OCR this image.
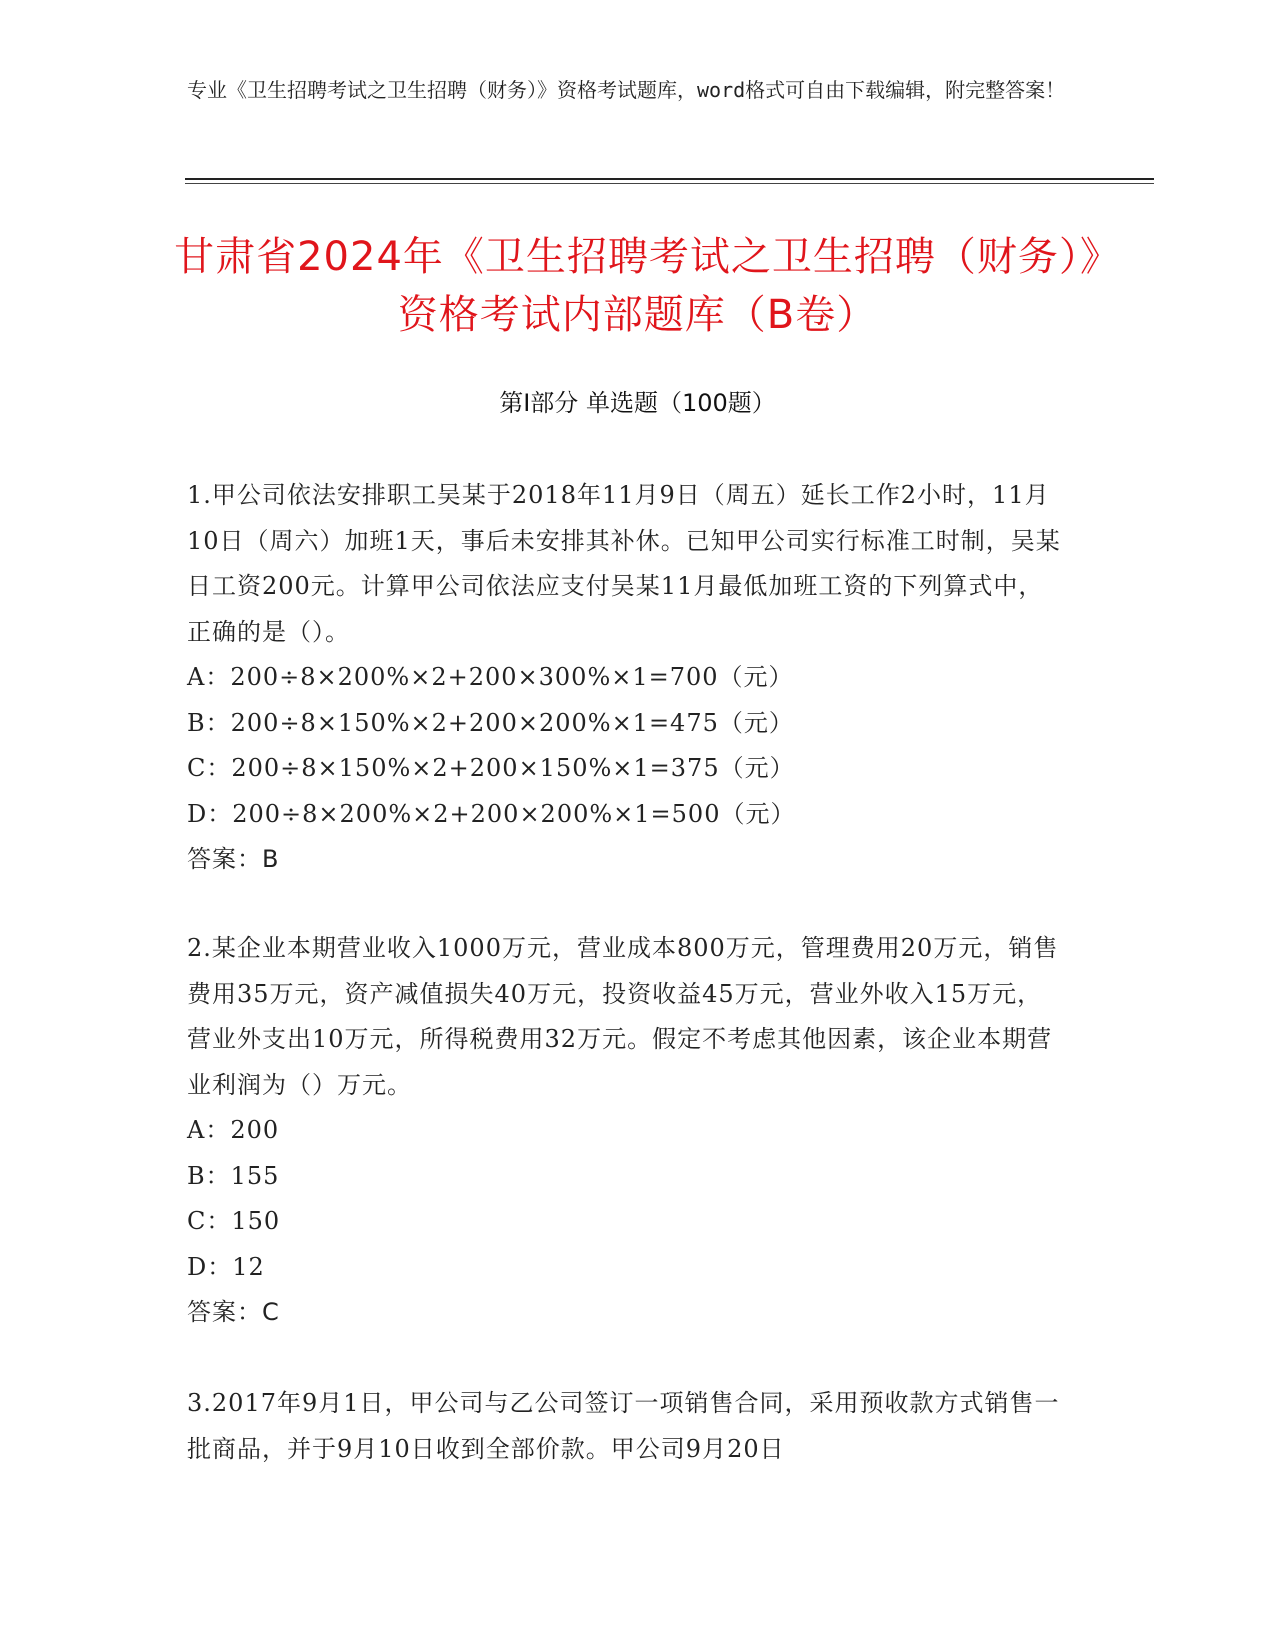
专业《卫生招聘考试之卫生招聘（财务）》资格考试题库，word格式可自由下载编辑，附完整答案！
甘肃省2024年《卫生招聘考试之卫生招聘（财务）》资格考试内部题库（B卷）
第Ⅰ部分 单选题（100题）
1.甲公司依法安排职工吴某于2018年11月9日（周五）延长工作2小时，11月10日（周六）加班1天，事后未安排其补休。已知甲公司实行标准工时制，吴某日工资200元。计算甲公司依法应支付吴某11月最低加班工资的下列算式中，正确的是（）。
A：200÷8×200%×2+200×300%×1=700（元）
B：200÷8×150%×2+200×200%×1=475（元）
C：200÷8×150%×2+200×150%×1=375（元）
D：200÷8×200%×2+200×200%×1=500（元）
答案：B
2.某企业本期营业收入1000万元，营业成本800万元，管理费用20万元，销售费用35万元，资产减值损失40万元，投资收益45万元，营业外收入15万元，营业外支出10万元，所得税费用32万元。假定不考虑其他因素，该企业本期营业利润为（）万元。
A：200
B：155
C：150
D：12
答案：C
3.2017年9月1日，甲公司与乙公司签订一项销售合同，采用预收款方式销售一批商品，并于9月10日收到全部价款。甲公司9月20日
